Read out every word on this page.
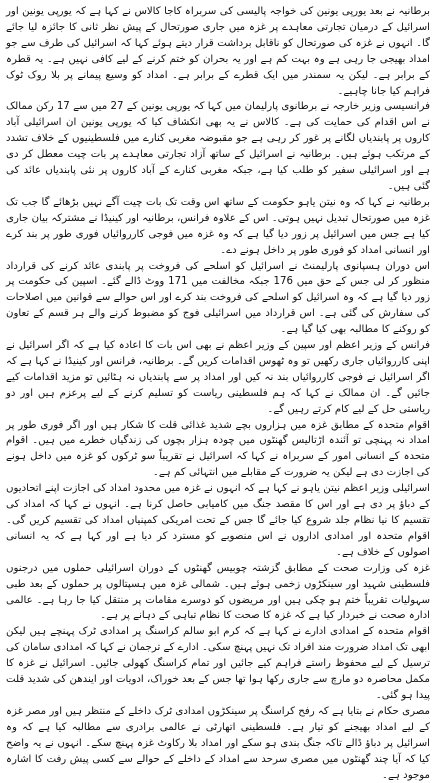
برطانیہ نے بعد یورپی یونین کی خواجہ پالیسی کی سربراہ کاجا کالاس نے کہا ہے کہ یورپی یونین اور اسرائیل کے درمیان تجارتی معاہدے پر غزہ میں جاری صورتحال کے پیش نظر ثانی کا جائزہ لیا جائے گا۔ انہوں نے غزہ کی صورتحال کو ناقابل برداشت قرار دیتے ہوئے کہا کہ اسرائیل کی طرف سے جو امداد بھیجی جا رہی ہے وہ بہت کم ہے اور یہ بحران کو ختم کرنے کے لیے کافی نہیں ہے۔ یہ قطرہ کے برابر ہے۔ لیکن یہ سمندر میں ایک قطرے کے برابر ہے۔ امداد کو وسیع پیمانے پر بلا روک ٹوک فراہم کیا جانا چاہیے۔

فرانسیسی وزیر خارجہ نے برطانوی پارلیمان میں کہا کہ یورپی یونین کے 27 میں سے 17 رکن ممالک نے اس اقدام کی حمایت کی ہے۔ کالاس نے یہ بھی انکشاف کیا کہ یورپی یونین ان اسرائیلی آباد کاروں پر پابندیاں لگانے پر غور کر رہی ہے جو مقبوضہ مغربی کنارے میں فلسطینیوں کے خلاف تشدد کے مرتکب ہوئے ہیں۔ برطانیہ نے اسرائیل کے ساتھ آزاد تجارتی معاہدے پر بات چیت معطل کر دی ہے اور اسرائیلی سفیر کو طلب کیا ہے، جبکہ مغربی کنارے کے آباد کاروں پر نئی پابندیاں عائد کی گئی ہیں۔

برطانیہ نے کہا کہ وہ نیتن یاہو حکومت کے ساتھ اس وقت تک بات چیت آگے نہیں بڑھائے گا جب تک غزہ میں صورتحال تبدیل نہیں ہوتی۔ اس کے علاوہ فرانس، برطانیہ اور کینیڈا نے مشترکہ بیان جاری کیا ہے جس میں اسرائیل پر زور دیا گیا ہے کہ وہ غزہ میں فوجی کارروائیاں فوری طور پر بند کرے اور انسانی امداد کو فوری طور پر داخل ہونے دے۔

اس دوران ہسپانوی پارلیمنٹ نے اسرائیل کو اسلحے کی فروخت پر پابندی عائد کرنے کی قرارداد منظور کر لی جس کے حق میں 176 جبکہ مخالفت میں 171 ووٹ ڈالے گئے۔ اسپین کی حکومت پر زور دیا گیا ہے کہ وہ اسرائیل کو اسلحے کی فروخت بند کرے اور اس حوالے سے قوانین میں اصلاحات کی سفارش کی گئی ہے۔ اس قرارداد میں اسرائیلی فوج کو مضبوط کرنے والے ہر قسم کے تعاون کو روکنے کا مطالبہ بھی کیا گیا ہے۔

فرانس کے وزیر اعظم اور سپین کے وزیر اعظم نے بھی اس بات کا اعادہ کیا ہے کہ اگر اسرائیل نے اپنی کارروائیاں جاری رکھیں تو وہ ٹھوس اقدامات کریں گے۔ برطانیہ، فرانس اور کینیڈا نے کہا ہے کہ اگر اسرائیل نے فوجی کارروائیاں بند نہ کیں اور امداد پر سے پابندیاں نہ ہٹائیں تو مزید اقدامات کیے جائیں گے۔ ان ممالک نے کہا کہ ہم فلسطینی ریاست کو تسلیم کرنے کے لیے پرعزم ہیں اور دو ریاستی حل کے لیے کام کرتے رہیں گے۔

اقوام متحدہ کے مطابق غزہ میں ہزاروں بچے شدید غذائی قلت کا شکار ہیں اور اگر فوری طور پر امداد نہ پہنچی تو آئندہ اڑتالیس گھنٹوں میں چودہ ہزار بچوں کی زندگیاں خطرے میں ہیں۔ اقوام متحدہ کے انسانی امور کے سربراہ نے کہا کہ اسرائیل نے تقریباً سو ٹرکوں کو غزہ میں داخل ہونے کی اجازت دی ہے لیکن یہ ضرورت کے مقابلے میں انتہائی کم ہے۔

اسرائیلی وزیر اعظم نیتن یاہو نے کہا ہے کہ انہوں نے غزہ میں محدود امداد کی اجازت اپنے اتحادیوں کے دباؤ پر دی ہے اور اس کا مقصد جنگ میں کامیابی حاصل کرنا ہے۔ انہوں نے کہا کہ امداد کی تقسیم کا نیا نظام جلد شروع کیا جائے گا جس کے تحت امریکی کمپنیاں امداد کی تقسیم کریں گی۔ اقوام متحدہ اور امدادی اداروں نے اس منصوبے کو مسترد کر دیا ہے اور کہا ہے کہ یہ انسانی اصولوں کے خلاف ہے۔

غزہ کی وزارت صحت کے مطابق گزشتہ چوبیس گھنٹوں کے دوران اسرائیلی حملوں میں درجنوں فلسطینی شہید اور سینکڑوں زخمی ہوئے ہیں۔ شمالی غزہ میں ہسپتالوں پر حملوں کے بعد طبی سہولیات تقریباً ختم ہو چکی ہیں اور مریضوں کو دوسرے مقامات پر منتقل کیا جا رہا ہے۔ عالمی ادارہ صحت نے خبردار کیا ہے کہ غزہ کا صحت کا نظام تباہی کے دہانے پر ہے۔

اقوام متحدہ کے امدادی ادارے نے کہا ہے کہ کرم ابو سالم کراسنگ پر امدادی ٹرک پہنچے ہیں لیکن ابھی تک امداد ضرورت مند افراد تک نہیں پہنچ سکی۔ ادارے کے ترجمان نے کہا کہ امدادی سامان کی ترسیل کے لیے محفوظ راستے فراہم کیے جائیں اور تمام کراسنگ کھولی جائیں۔ اسرائیل نے غزہ کا مکمل محاصرہ دو مارچ سے جاری رکھا ہوا تھا جس کے بعد خوراک، ادویات اور ایندھن کی شدید قلت پیدا ہو گئی۔

مصری حکام نے بتایا ہے کہ رفح کراسنگ پر سینکڑوں امدادی ٹرک داخلے کے منتظر ہیں اور مصر غزہ کے لیے امداد بھیجنے کو تیار ہے۔ فلسطینی اتھارٹی نے عالمی برادری سے مطالبہ کیا ہے کہ وہ اسرائیل پر دباؤ ڈالے تاکہ جنگ بندی ہو سکے اور امداد بلا رکاوٹ غزہ پہنچ سکے۔ انہوں نے یہ واضح کیا کہ آیا چند گھنٹوں میں مصری سرحد سے امداد کے داخلے کے حوالے سے کسی پیش رفت کا اشارہ موجود ہے۔
